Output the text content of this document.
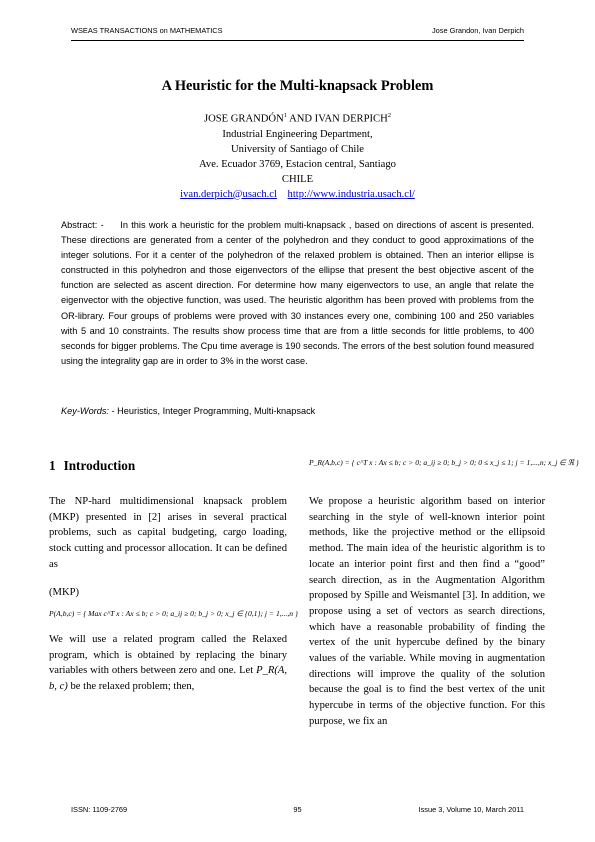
WSEAS TRANSACTIONS on MATHEMATICS	Jose Grandon, Ivan Derpich
A Heuristic for the Multi-knapsack Problem
JOSE GRANDÓN$^1$ AND IVAN DERPICH$^2$
Industrial Engineering Department,
University of Santiago of Chile
Ave. Ecuador 3769, Estacion central, Santiago
CHILE
ivan.derpich@usach.cl http://www.industria.usach.cl/
Abstract: - In this work a heuristic for the problem multi-knapsack , based on directions of ascent is presented. These directions are generated from a center of the polyhedron and they conduct to good approximations of the integer solutions. For it a center of the polyhedron of the relaxed problem is obtained. Then an interior ellipse is constructed in this polyhedron and those eigenvectors of the ellipse that present the best objective ascent of the function are selected as ascent direction. For determine how many eigenvectors to use, an angle that relate the eigenvector with the objective function, was used. The heuristic algorithm has been proved with problems from the OR-library. Four groups of problems were proved with 30 instances every one, combining 100 and 250 variables with 5 and 10 constraints. The results show process time that are from a little seconds for little problems, to 400 seconds for bigger problems. The Cpu time average is 190 seconds. The errors of the best solution found measured using the integrality gap are in order to 3% in the worst case.
Key-Words: - Heuristics, Integer Programming, Multi-knapsack
1 Introduction	P_R(A,b,c) = { c^T x : Ax ≤ b; c > 0; a_ij ≥ 0; b_j > 0; 0 ≤ x_j ≤ 1; j = 1,...,n; x_j ∈ ℜ }

The NP-hard multidimensional knapsack problem (MKP) presented in [2] arises in several practical problems, such as capital budgeting, cargo loading, stock cutting and processor allocation. It can be defined as

(MKP)

P(A,b,c) = { Max c^T x : Ax ≤ b; c > 0; a_ij ≥ 0; b_j > 0; x_j ∈ {0,1}; j = 1,...,n }

We will use a related program called the Relaxed program, which is obtained by replacing the binary variables with others between zero and one. Let P_R(A, b, c) be the relaxed problem; then,

We propose a heuristic algorithm based on interior searching in the style of well-known interior point methods, like the projective method or the ellipsoid method. The main idea of the heuristic algorithm is to locate an interior point first and then find a “good” search direction, as in the Augmentation Algorithm proposed by Spille and Weismantel [3]. In addition, we propose using a set of vectors as search directions, which have a reasonable probability of finding the vertex of the unit hypercube defined by the binary values of the variable. While moving in augmentation directions will improve the quality of the solution because the goal is to find the best vertex of the unit hypercube in terms of the objective function. For this purpose, we fix an

ISSN: 1109-2769	95	Issue 3, Volume 10, March 2011
